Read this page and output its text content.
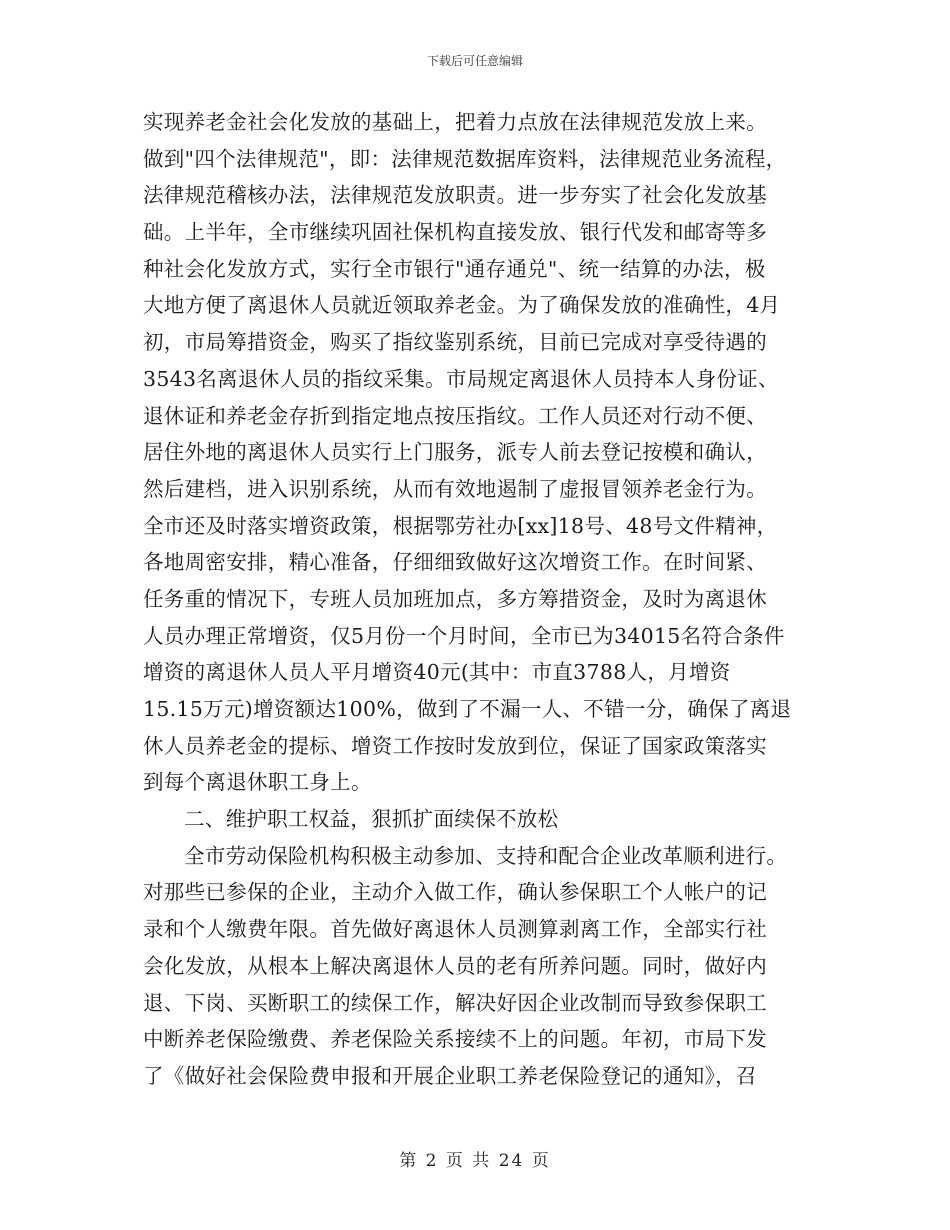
下载后可任意编辑
实现养老金社会化发放的基础上，把着力点放在法律规范发放上来。
做到"四个法律规范"，即：法律规范数据库资料，法律规范业务流程，
法律规范稽核办法，法律规范发放职责。进一步夯实了社会化发放基
础。上半年，全市继续巩固社保机构直接发放、银行代发和邮寄等多
种社会化发放方式，实行全市银行"通存通兑"、统一结算的办法，极
大地方便了离退休人员就近领取养老金。为了确保发放的准确性，4月
初，市局筹措资金，购买了指纹鉴别系统，目前已完成对享受待遇的
3543名离退休人员的指纹采集。市局规定离退休人员持本人身份证、
退休证和养老金存折到指定地点按压指纹。工作人员还对行动不便、
居住外地的离退休人员实行上门服务，派专人前去登记按模和确认，
然后建档，进入识别系统，从而有效地遏制了虚报冒领养老金行为。
全市还及时落实增资政策，根据鄂劳社办[xx]18号、48号文件精神，
各地周密安排，精心准备，仔细细致做好这次增资工作。在时间紧、
任务重的情况下，专班人员加班加点，多方筹措资金，及时为离退休
人员办理正常增资，仅5月份一个月时间，全市已为34015名符合条件
增资的离退休人员人平月增资40元(其中：市直3788人，月增资
15.15万元)增资额达100%，做到了不漏一人、不错一分，确保了离退
休人员养老金的提标、增资工作按时发放到位，保证了国家政策落实
到每个离退休职工身上。
二、维护职工权益，狠抓扩面续保不放松
全市劳动保险机构积极主动参加、支持和配合企业改革顺利进行。
对那些已参保的企业，主动介入做工作，确认参保职工个人帐户的记
录和个人缴费年限。首先做好离退休人员测算剥离工作，全部实行社
会化发放，从根本上解决离退休人员的老有所养问题。同时，做好内
退、下岗、买断职工的续保工作，解决好因企业改制而导致参保职工
中断养老保险缴费、养老保险关系接续不上的问题。年初，市局下发
了《做好社会保险费申报和开展企业职工养老保险登记的通知》，召
第 2 页 共 24 页
